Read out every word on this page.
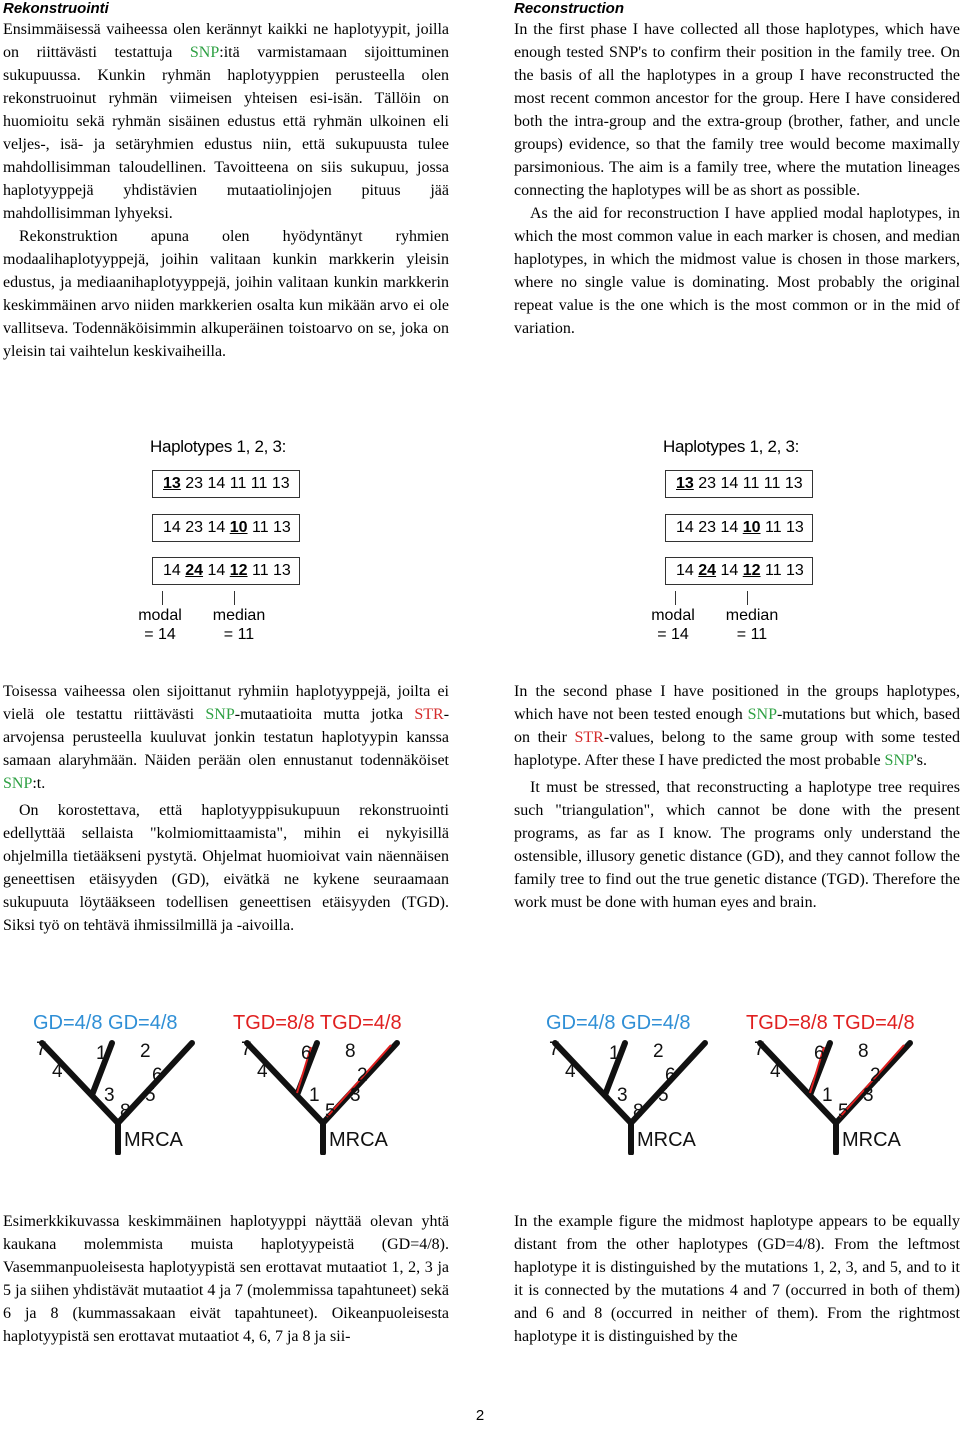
Rekonstruointi

Ensimmäisessä vaiheessa olen kerännyt kaikki ne haplotyypit, joilla on riittävästi testattuja SNP:itä varmistamaan sijoittuminen sukupuussa. Kunkin ryhmän haplotyyppien perusteella olen rekonstruoinut ryhmän viimeisen yhteisen esi-isän. Tällöin on huomioitu sekä ryhmän sisäinen edustus että ryhmän ulkoinen eli veljes-, isä- ja setäryhmien edustus niin, että sukupuusta tulee mahdollisimman taloudellinen. Tavoitteena on siis sukupuu, jossa haplotyyppejä yhdistävien mutaatiolinjojen pituus jää mahdollisimman lyhyeksi.

Rekonstruktion apuna olen hyödyntänyt ryhmien modaalihaplotyyppejä, joihin valitaan kunkin markkerin yleisin edustus, ja mediaanihaplotyyppejä, joihin valitaan kunkin markkerin keskimmäinen arvo niiden markkerien osalta kun mikään arvo ei ole vallitseva. Todennäköisimmin alkuperäinen toistoarvo on se, joka on yleisin tai vaihtelun keskivaiheilla.

Reconstruction

In the first phase I have collected all those haplotypes, which have enough tested SNP's to confirm their position in the family tree. On the basis of all the haplotypes in a group I have reconstructed the most recent common ancestor for the group. Here I have considered both the intra-group and the extra-group (brother, father, and uncle groups) evidence, so that the family tree would become maximally parsimonious. The aim is a family tree, where the mutation lineages connecting the haplotypes will be as short as possible.

As the aid for reconstruction I have applied modal haplotypes, in which the most common value in each marker is chosen, and median haplotypes, in which the midmost value is chosen in those markers, where no single value is dominating. Most probably the original repeat value is the one which is the most common or in the mid of variation.

Haplotypes 1, 2, 3:
13 23 14 11 11 13
14 23 14 10 11 13
14 24 14 12 11 13
modal
= 14
median
= 11
Haplotypes 1, 2, 3:
13 23 14 11 11 13
14 23 14 10 11 13
14 24 14 12 11 13
modal
= 14
median
= 11

Toisessa vaiheessa olen sijoittanut ryhmiin haplotyyppejä, joilta ei vielä ole testattu riittävästi SNP-mutaatioita mutta jotka STR-arvojensa perusteella kuuluvat jonkin testatun haplotyypin kanssa samaan alaryhmään. Näiden perään olen ennustanut todennäköiset SNP:t.

On korostettava, että haplotyyppisukupuun rekonstruointi edellyttää sellaista "kolmiomittaamista", mihin ei nykyisillä ohjelmilla tietääkseni pystytä. Ohjelmat huomioivat vain näennäisen geneettisen etäisyyden (GD), eivätkä ne kykene seuraamaan sukupuuta löytääkseen todellisen geneettisen etäisyyden (TGD). Siksi työ on tehtävä ihmissilmillä ja -aivoilla.

In the second phase I have positioned in the groups haplotypes, which have not been tested enough SNP-mutations but which, based on their STR-values, belong to the same group with some tested haplotype. After these I have predicted the most probable SNP's.

It must be stressed, that reconstructing a haplotype tree requires such "triangulation", which cannot be done with the present programs, as far as I know. The programs only understand the ostensible, illusory genetic distance (GD), and they cannot follow the family tree to find out the true genetic distance (TGD). Therefore the work must be done with human eyes and brain.

GD=4/8 GD=4/8	TGD=8/8 TGD=4/8
7
4
1 2
3
6
5
8
MRCA
7
4
6 8
1
2
3
5
MRCA
GD=4/8 GD=4/8	TGD=8/8 TGD=4/8
7
4
1 2
3
6
5
8
MRCA
7
4
6 8
1
2
3
5
MRCA

Esimerkkikuvassa keskimmäinen haplotyyppi näyttää olevan yhtä kaukana molemmista muista haplotyypeistä (GD=4/8). Vasemmanpuoleisesta haplotyypistä sen erottavat mutaatiot 1, 2, 3 ja 5 ja siihen yhdistävät mutaatiot 4 ja 7 (molemmissa tapahtuneet) sekä 6 ja 8 (kummassakaan eivät tapahtuneet). Oikeanpuoleisesta haplotyypistä sen erottavat mutaatiot 4, 6, 7 ja 8 ja sii-

In the example figure the midmost haplotype appears to be equally distant from the other haplotypes (GD=4/8). From the leftmost haplotype it is distinguished by the mutations 1, 2, 3, and 5, and to it it is connected by the mutations 4 and 7 (occurred in both of them) and 6 and 8 (occurred in neither of them). From the rightmost haplotype it is distinguished by the

2
